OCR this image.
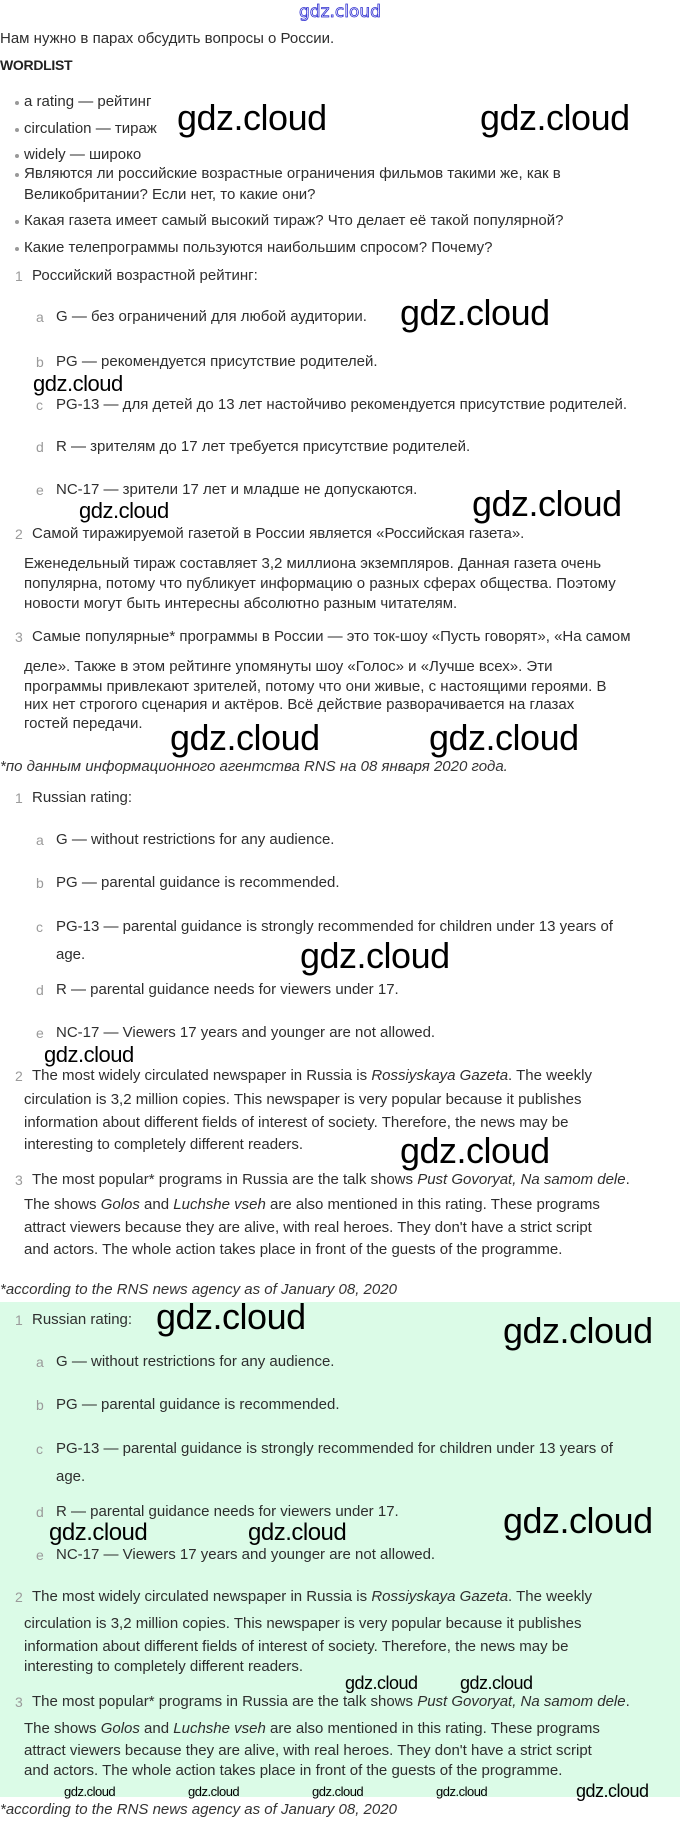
gdz.cloud
Нам нужно в парах обсудить вопросы о России.
WORDLIST
a rating — рейтинг
circulation — тираж
widely — широко
Являются ли российские возрастные ограничения фильмов такими же, как в
Великобритании? Если нет, то какие они?
Какая газета имеет самый высокий тираж? Что делает её такой популярной?
Какие телепрограммы пользуются наибольшим спросом? Почему?
1 Российский возрастной рейтинг:
a G — без ограничений для любой аудитории.
b PG — рекомендуется присутствие родителей.
c PG-13 — для детей до 13 лет настойчиво рекомендуется присутствие родителей.
d R — зрителям до 17 лет требуется присутствие родителей.
e NC-17 — зрители 17 лет и младше не допускаются.
2 Самой тиражируемой газетой в России является «Российская газета».
Еженедельный тираж составляет 3,2 миллиона экземпляров. Данная газета очень
популярна, потому что публикует информацию о разных сферах общества. Поэтому
новости могут быть интересны абсолютно разным читателям.
3 Самые популярные* программы в России — это ток-шоу «Пусть говорят», «На самом
деле». Также в этом рейтинге упомянуты шоу «Голос» и «Лучше всех». Эти
программы привлекают зрителей, потому что они живые, с настоящими героями. В
них нет строгого сценария и актёров. Всё действие разворачивается на глазах
гостей передачи.
*по данным информационного агентства RNS на 08 января 2020 года.
1 Russian rating:
a G — without restrictions for any audience.
b PG — parental guidance is recommended.
c PG-13 — parental guidance is strongly recommended for children under 13 years of
age.
d R — parental guidance needs for viewers under 17.
e NC-17 — Viewers 17 years and younger are not allowed.
2 The most widely circulated newspaper in Russia is Rossiyskaya Gazeta. The weekly
circulation is 3,2 million copies. This newspaper is very popular because it publishes
information about different fields of interest of society. Therefore, the news may be
interesting to completely different readers.
3 The most popular* programs in Russia are the talk shows Pust Govoryat, Na samom dele.
The shows Golos and Luchshe vseh are also mentioned in this rating. These programs
attract viewers because they are alive, with real heroes. They don't have a strict script
and actors. The whole action takes place in front of the guests of the programme.
*according to the RNS news agency as of January 08, 2020
1 Russian rating:
a G — without restrictions for any audience.
b PG — parental guidance is recommended.
c PG-13 — parental guidance is strongly recommended for children under 13 years of
age.
d R — parental guidance needs for viewers under 17.
e NC-17 — Viewers 17 years and younger are not allowed.
2 The most widely circulated newspaper in Russia is Rossiyskaya Gazeta. The weekly
circulation is 3,2 million copies. This newspaper is very popular because it publishes
information about different fields of interest of society. Therefore, the news may be
interesting to completely different readers.
3 The most popular* programs in Russia are the talk shows Pust Govoryat, Na samom dele.
The shows Golos and Luchshe vseh are also mentioned in this rating. These programs
attract viewers because they are alive, with real heroes. They don't have a strict script
and actors. The whole action takes place in front of the guests of the programme.
*according to the RNS news agency as of January 08, 2020
gdz.cloud	gdz.cloud
gdz.cloud
gdz.cloud
gdz.cloud	gdz.cloud
gdz.cloud	gdz.cloud
gdz.cloud
gdz.cloud
gdz.cloud
gdz.cloud	gdz.cloud
gdz.cloud	gdz.cloud	gdz.cloud
gdz.cloud gdz.cloud
gdz.cloud	gdz.cloud
gdz.cloud	gdz.cloud	gdz.cloud
